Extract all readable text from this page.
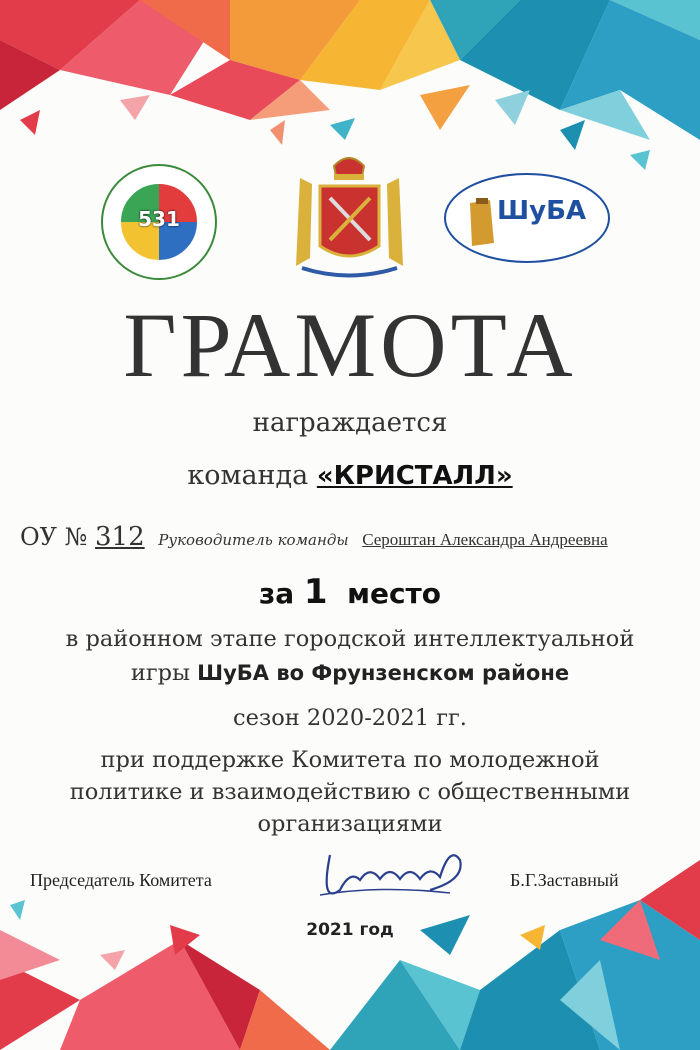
531	ШуБА
ГРАМОТА
награждается
команда «КРИСТАЛЛ»
ОУ № 312 Руководитель команды Сероштан Александра Андреевна
за 1  место
в районном этапе городской интеллектуальной
игры ШуБА во Фрунзенском районе
сезон 2020-2021 гг.
при поддержке Комитета по молодежной
политике и взаимодействию с общественными
организациями
Председатель Комитета	Б.Г.Заставный
2021 год
